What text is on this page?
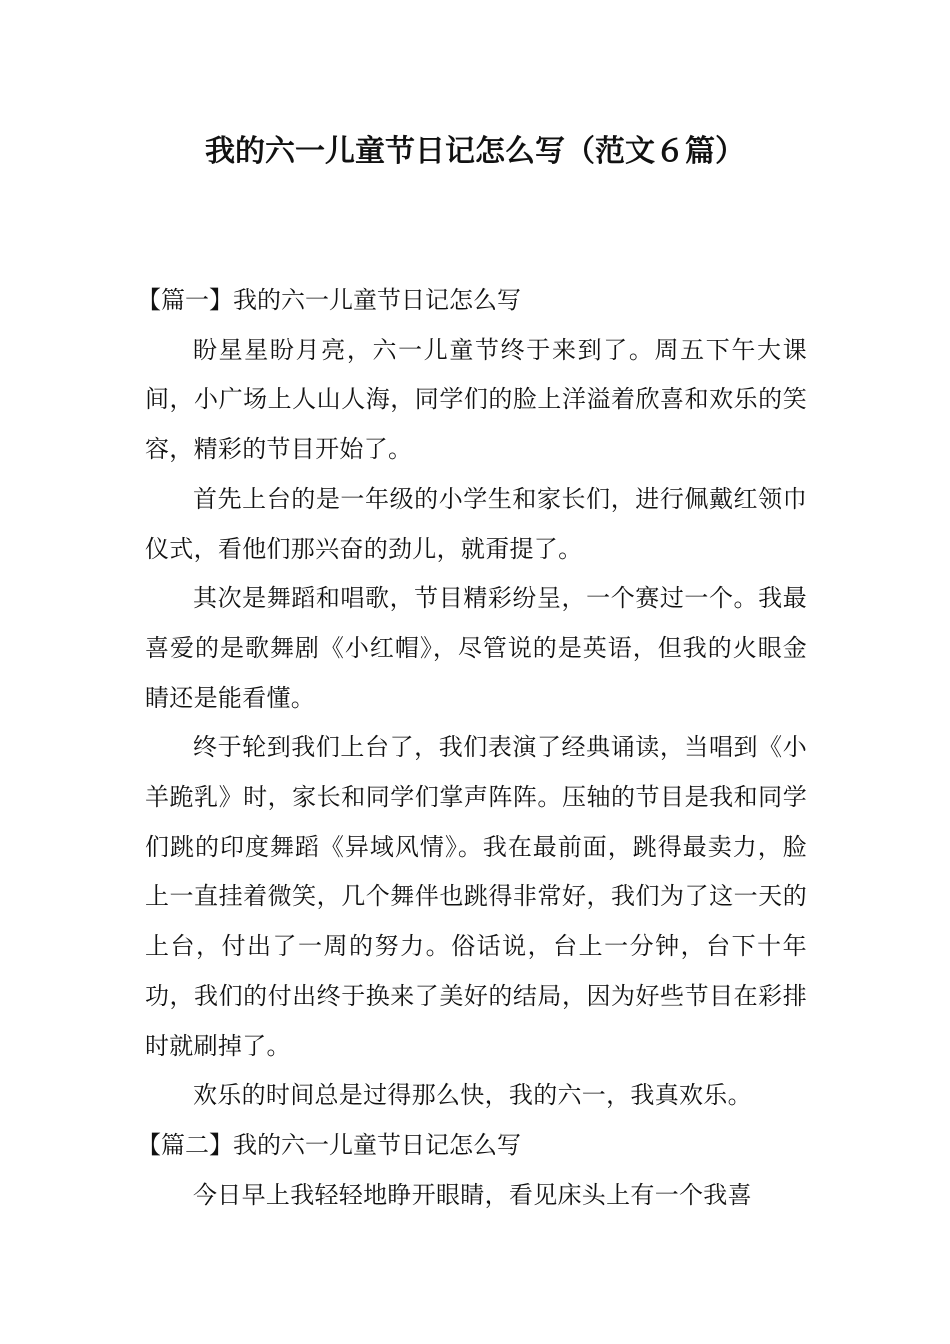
我的六一儿童节日记怎么写（范文６篇）

【篇一】我的六一儿童节日记怎么写

盼星星盼月亮，六一儿童节终于来到了。周五下午大课间，小广场上人山人海，同学们的脸上洋溢着欣喜和欢乐的笑容，精彩的节目开始了。

首先上台的是一年级的小学生和家长们，进行佩戴红领巾仪式，看他们那兴奋的劲儿，就甭提了。

其次是舞蹈和唱歌，节目精彩纷呈，一个赛过一个。我最喜爱的是歌舞剧《小红帽》，尽管说的是英语，但我的火眼金睛还是能看懂。

终于轮到我们上台了，我们表演了经典诵读，当唱到《小羊跪乳》时，家长和同学们掌声阵阵。压轴的节目是我和同学们跳的印度舞蹈《异域风情》。我在最前面，跳得最卖力，脸上一直挂着微笑，几个舞伴也跳得非常好，我们为了这一天的上台，付出了一周的努力。俗话说，台上一分钟，台下十年功，我们的付出终于换来了美好的结局，因为好些节目在彩排时就刷掉了。

欢乐的时间总是过得那么快，我的六一，我真欢乐。

【篇二】我的六一儿童节日记怎么写

今日早上我轻轻地睁开眼睛，看见床头上有一个我喜
